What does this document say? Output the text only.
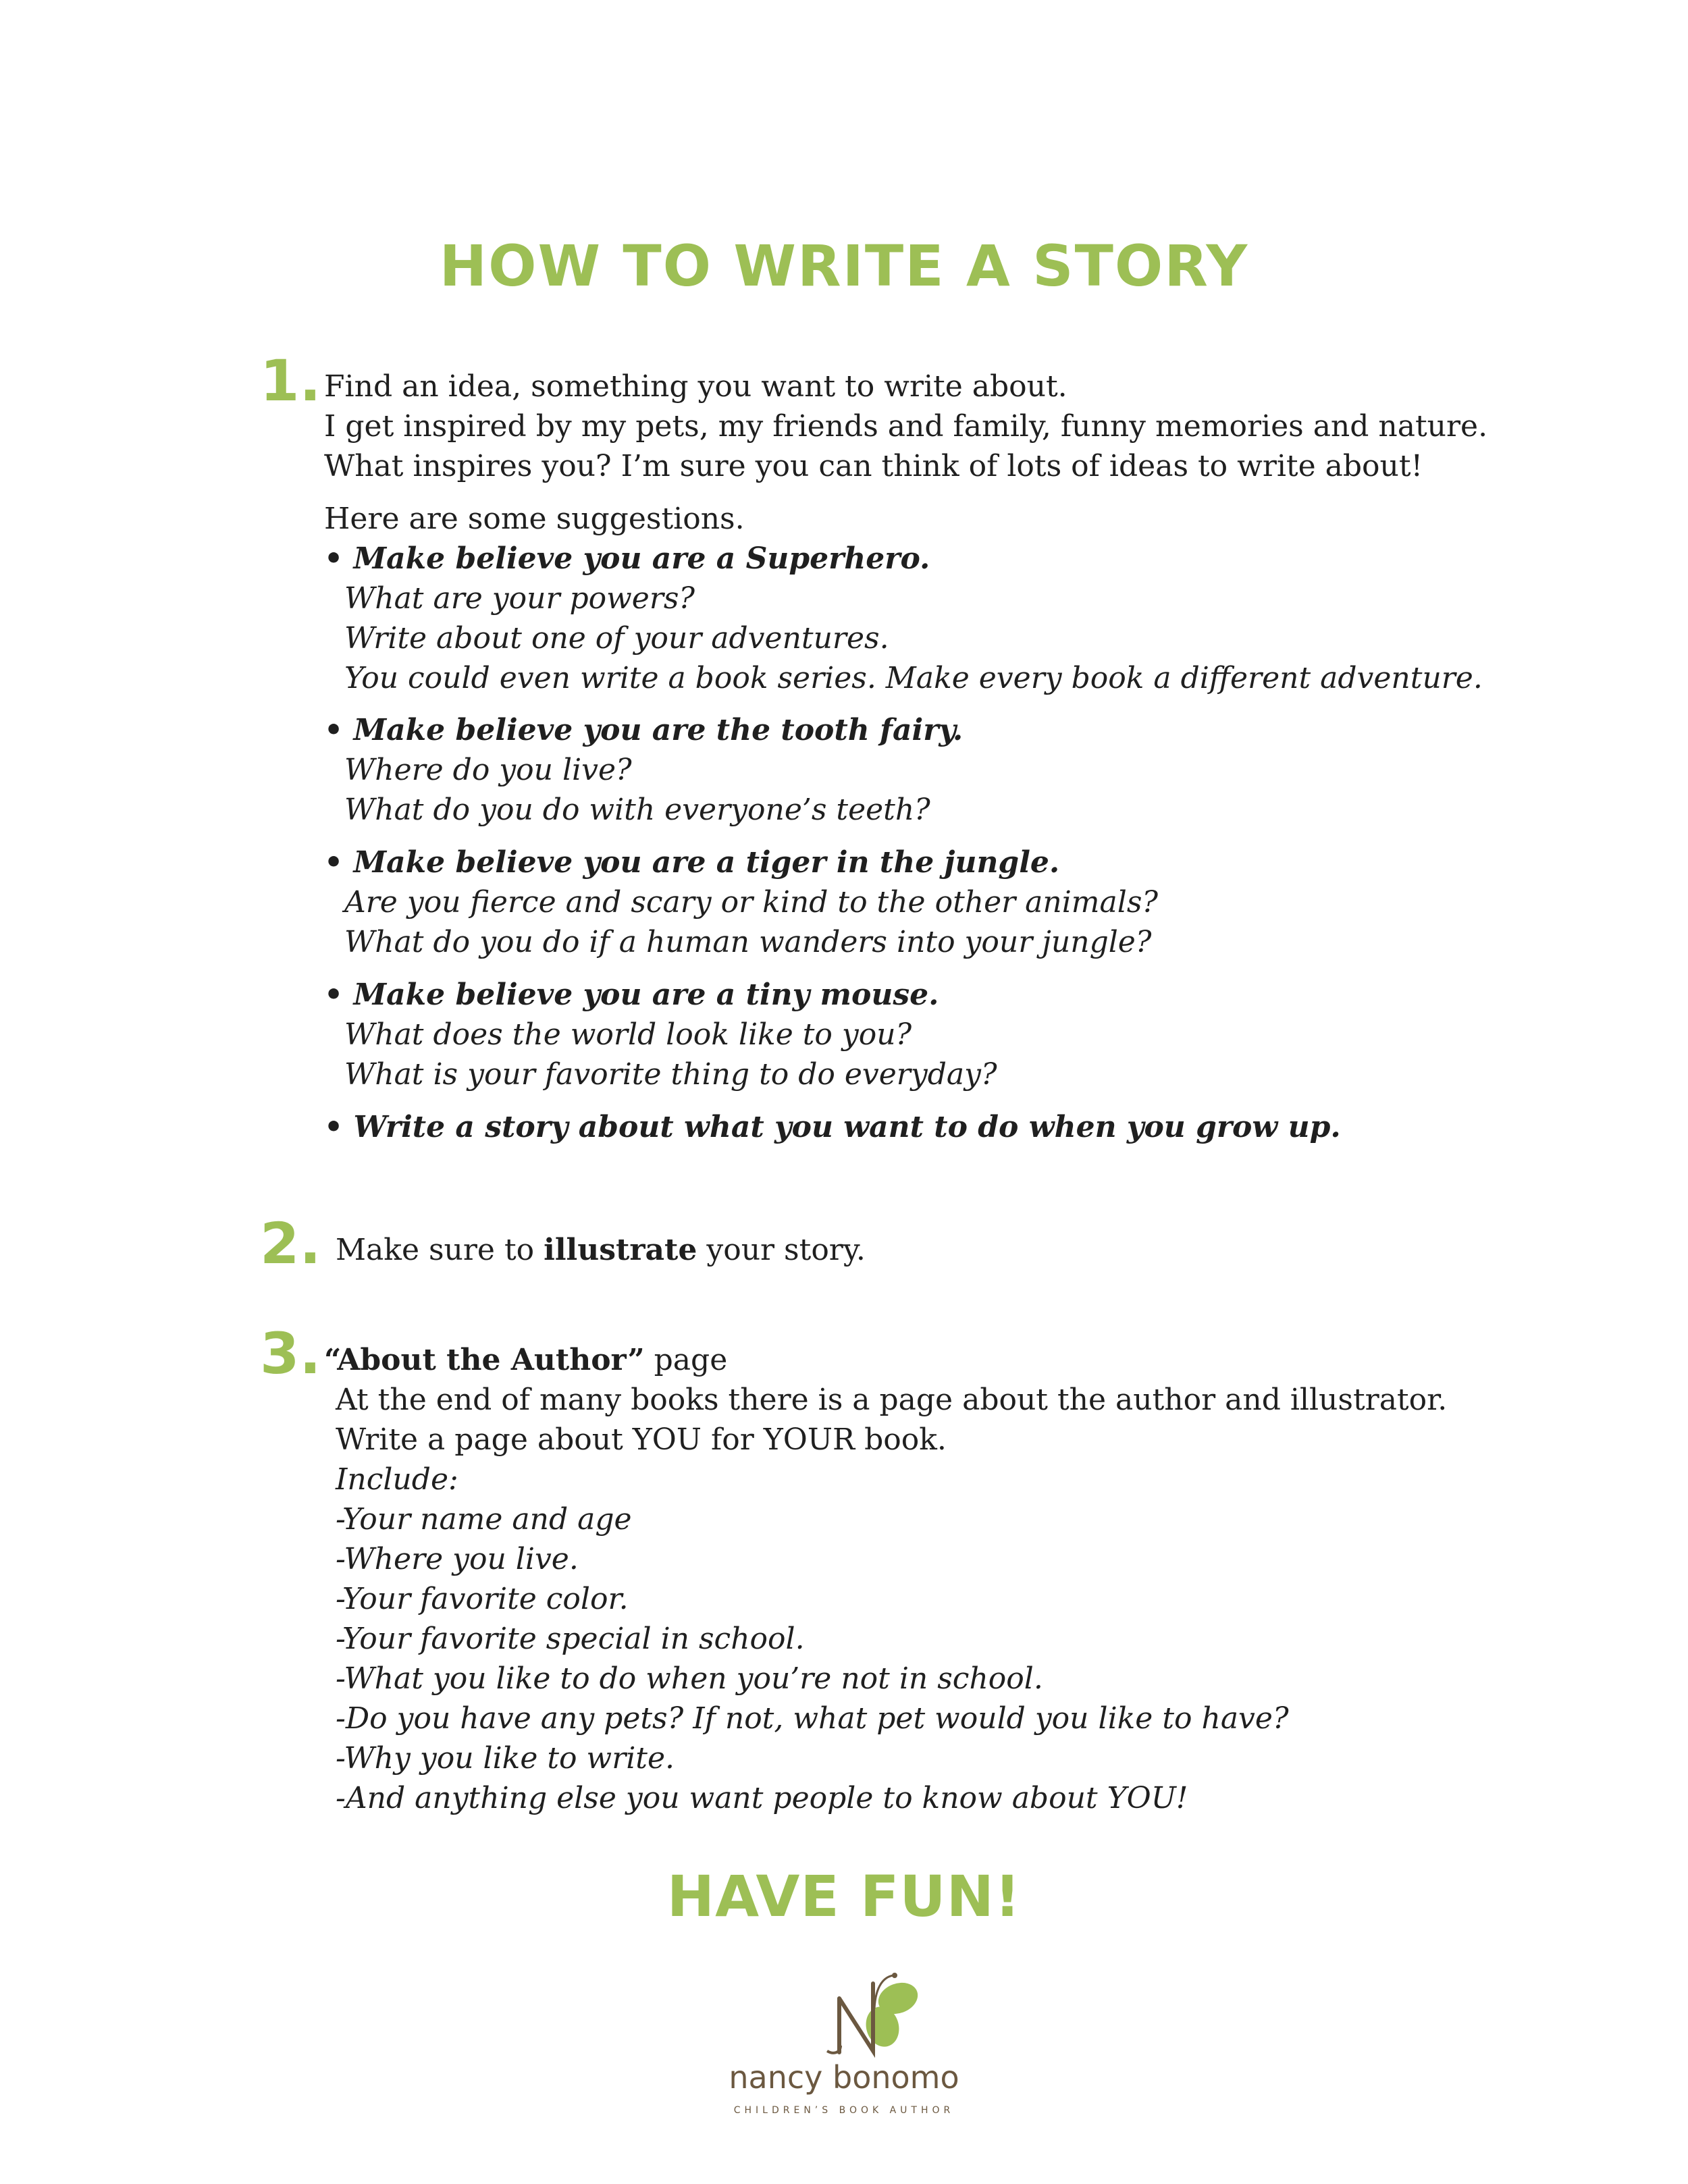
HOW TO WRITE A STORY
1. Find an idea, something you want to write about.
I get inspired by my pets, my friends and family, funny memories and nature.
What inspires you? I’m sure you can think of lots of ideas to write about!
Here are some suggestions.
• Make believe you are a Superhero.
What are your powers?
Write about one of your adventures.
You could even write a book series. Make every book a different adventure.
• Make believe you are the tooth fairy.
Where do you live?
What do you do with everyone’s teeth?
• Make believe you are a tiger in the jungle.
Are you fierce and scary or kind to the other animals?
What do you do if a human wanders into your jungle?
• Make believe you are a tiny mouse.
What does the world look like to you?
What is your favorite thing to do everyday?
• Write a story about what you want to do when you grow up.
2. Make sure to illustrate your story.
3. “About the Author” page
At the end of many books there is a page about the author and illustrator.
Write a page about YOU for YOUR book.
Include:
-Your name and age
-Where you live.
-Your favorite color.
-Your favorite special in school.
-What you like to do when you’re not in school.
-Do you have any pets? If not, what pet would you like to have?
-Why you like to write.
-And anything else you want people to know about YOU!
HAVE FUN!
nancy bonomo
CHILDREN’S BOOK AUTHOR
